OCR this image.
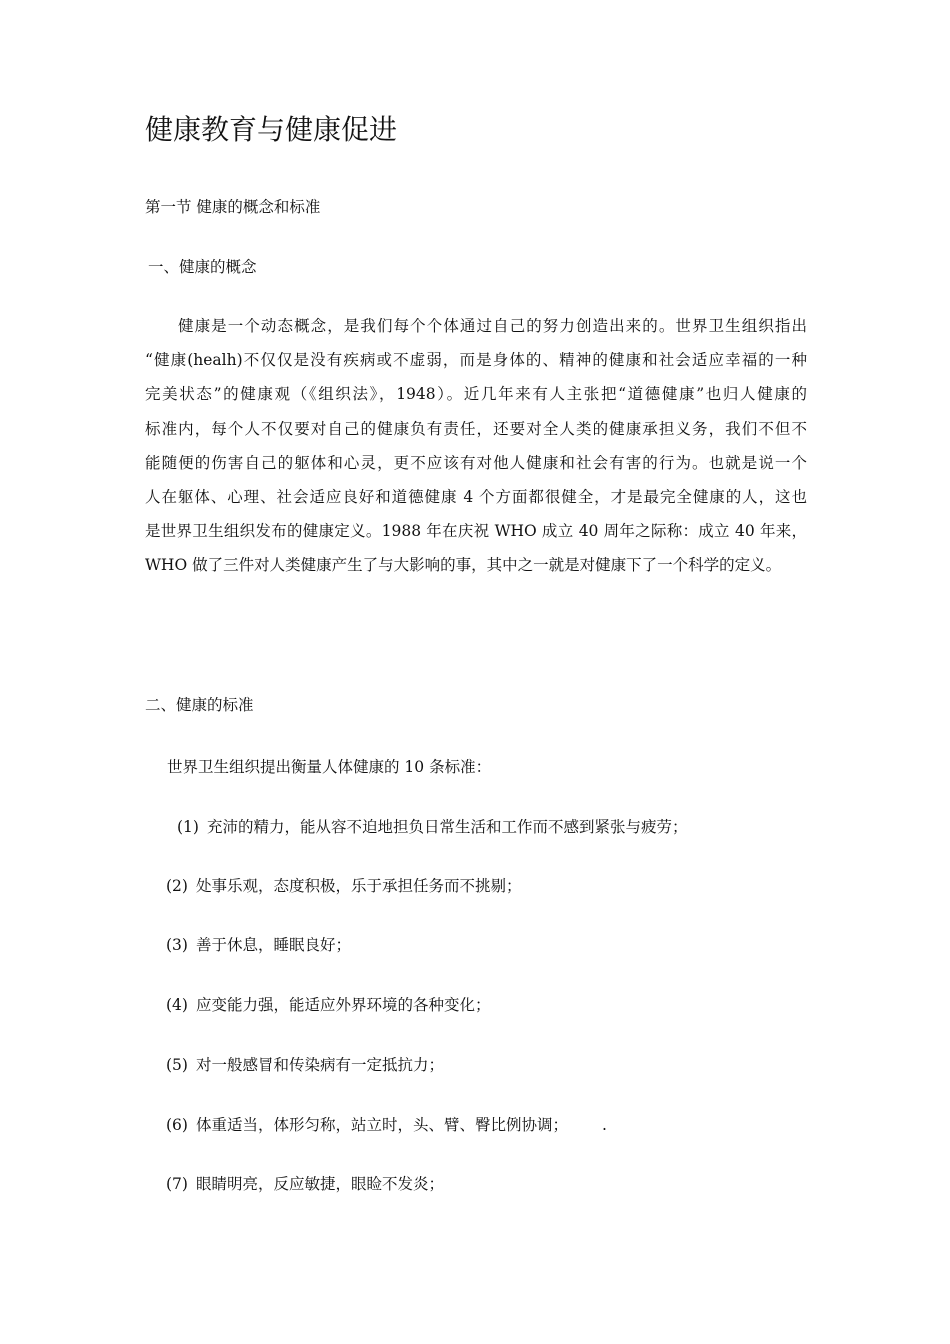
健康教育与健康促进
第一节 健康的概念和标准
一、健康的概念
健康是一个动态概念，是我们每个个体通过自己的努力创造出来的。世界卫生组织指出
“健康(healh)不仅仅是没有疾病或不虚弱，而是身体的、精神的健康和社会适应幸福的一种
完美状态”的健康观（《组织法》，1948）。近几年来有人主张把“道德健康”也归人健康的
标准内，每个人不仅要对自己的健康负有责任，还要对全人类的健康承担义务，我们不但不
能随便的伤害自己的躯体和心灵，更不应该有对他人健康和社会有害的行为。也就是说一个
人在躯体、心理、社会适应良好和道德健康 4 个方面都很健全，才是最完全健康的人，这也
是世界卫生组织发布的健康定义。1988 年在庆祝 WHO 成立 40 周年之际称：成立 40 年来，
WHO 做了三件对人类健康产生了与大影响的事，其中之一就是对健康下了一个科学的定义。
二、健康的标准
世界卫生组织提出衡量人体健康的 10 条标准：
(1) 充沛的精力，能从容不迫地担负日常生活和工作而不感到紧张与疲劳；
(2) 处事乐观，态度积极，乐于承担任务而不挑剔；
(3) 善于休息，睡眠良好；
(4) 应变能力强，能适应外界环境的各种变化；
(5) 对一般感冒和传染病有一定抵抗力；
(6) 体重适当，体形匀称，站立时，头、臂、臀比例协调； .
(7) 眼睛明亮，反应敏捷，眼睑不发炎；
